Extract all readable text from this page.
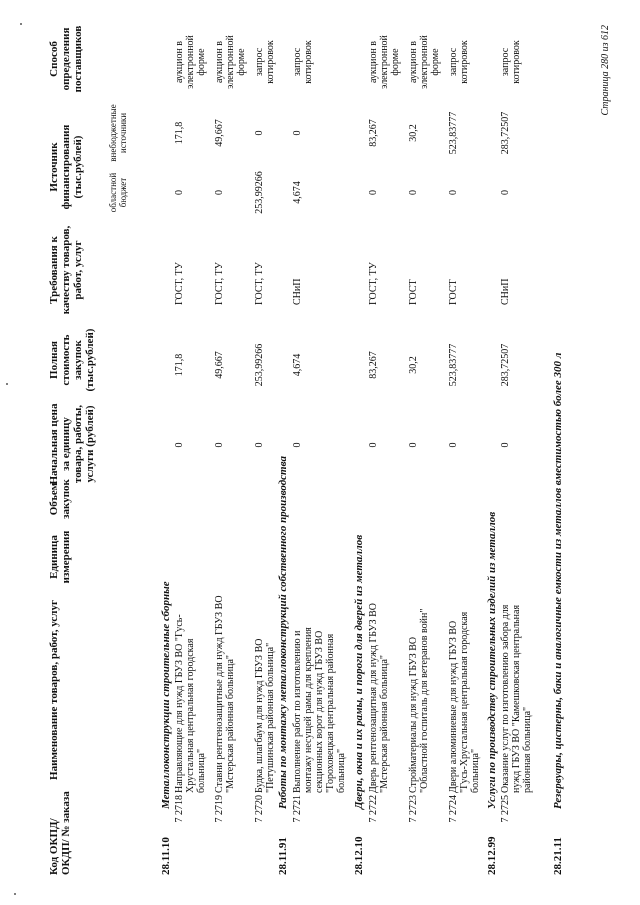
Код ОКПД/ ОКДП/ № заказа
Наименование товаров, работ, услуг
Единица измерения
Объем закупок
Начальная цена за единицу товара, работы, услуги (рублей)
Полная стоимость закупок (тыс.рублей)
Требования к качеству товаров, работ, услуг
Источник финансирования (тыс.рублей)	областной бюджет
внебюджетные источники
Способ определения поставщиков
28.11.10
Металлоконструкции строительные сборные 7 2718
Направляющие для нужд ГБУЗ ВО "Гусь-Хрустальная центральная городская больница"
0
171,8
ГОСТ, ТУ
0
171,8
аукцион в электронной форме
7 2719
Ставни рентгенозащитные для нужд ГБУЗ ВО "Мстерская районная больница"
0
49,667
ГОСТ, ТУ
0
49,667
аукцион в электронной форме
7 2720
Будка, шлагбаум для нужд ГБУЗ ВО "Петушинская районная больница"
0
253,99266
ГОСТ, ТУ
253,99266
0
запрос котировок
28.11.91
Работы по монтажу металлоконструкций собственного производства 7 2721
Выполнение работ по изготовлению и монтажу несущей рамы для крепления секционных ворот для нужд ГБУЗ ВО "Гороховецкая центральная районная больница"
0
4,674
СНиП
4,674
0
запрос котировок
28.12.10
Двери, окна и их рамы, и пороги для дверей из металлов 7 2722
Дверь рентгенозащитная для нужд ГБУЗ ВО "Мстерская районная больница"
0
83,267
ГОСТ, ТУ
0
83,267
аукцион в электронной форме
7 2723
Стройматериалы для нужд ГБУЗ ВО "Областной госпиталь для ветеранов войн"
0
30,2
ГОСТ
0
30,2
аукцион в электронной форме
7 2724
Двери алюминиевые для нужд ГБУЗ ВО "Гусь-Хрустальная центральная городская больница"
0
523,83777
ГОСТ
0
523,83777
запрос котировок
28.12.99
Услуги по производству строительных изделий из металлов 7 2725
Оказание услуг по изготовлению забора для нужд ГБУЗ ВО "Камешковская центральная районная больница"
0
283,72507
СНиП
0
283,72507
запрос котировок
28.21.11
Резервуары, цистерны, баки и аналогичные емкости из металлов вместимостью более 300 л
Страница 280 из 612
